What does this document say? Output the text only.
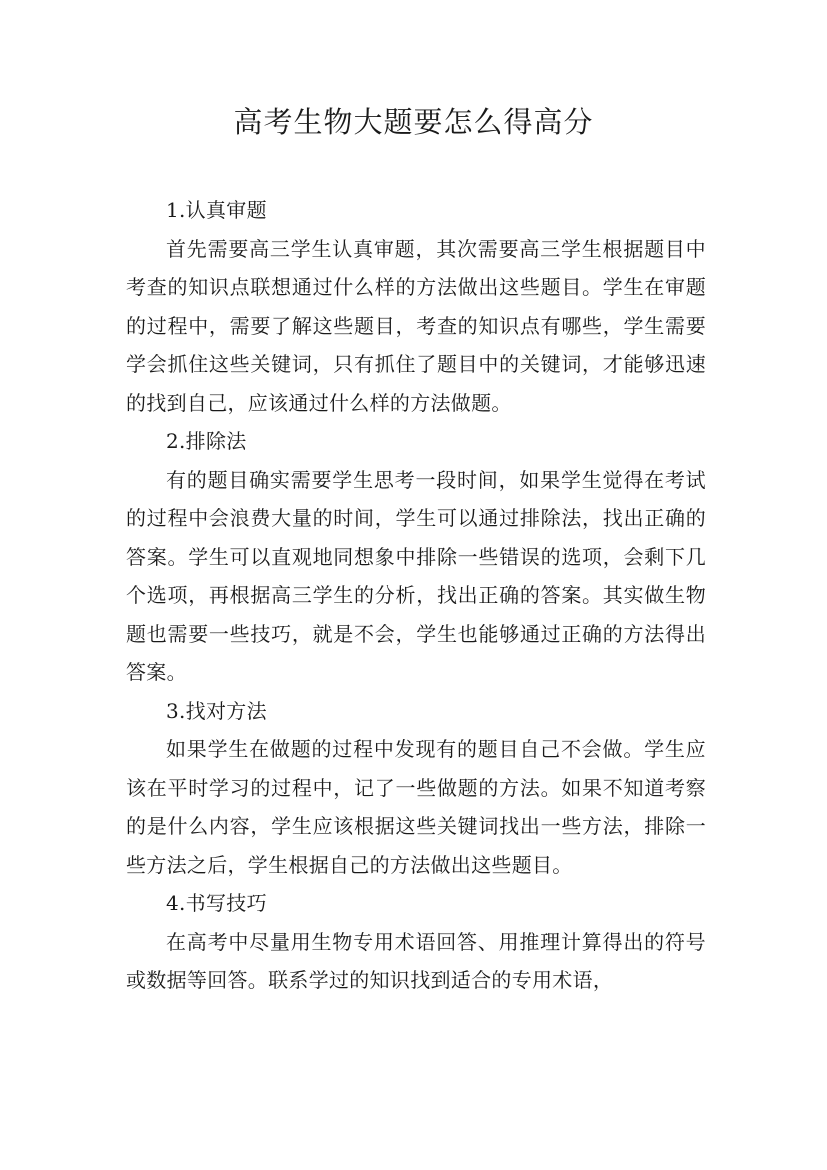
高考生物大题要怎么得高分

1.认真审题

首先需要高三学生认真审题，其次需要高三学生根据题目中考查的知识点联想通过什么样的方法做出这些题目。学生在审题的过程中，需要了解这些题目，考查的知识点有哪些，学生需要学会抓住这些关键词，只有抓住了题目中的关键词，才能够迅速的找到自己，应该通过什么样的方法做题。

2.排除法

有的题目确实需要学生思考一段时间，如果学生觉得在考试的过程中会浪费大量的时间，学生可以通过排除法，找出正确的答案。学生可以直观地同想象中排除一些错误的选项，会剩下几个选项，再根据高三学生的分析，找出正确的答案。其实做生物题也需要一些技巧，就是不会，学生也能够通过正确的方法得出答案。

3.找对方法

如果学生在做题的过程中发现有的题目自己不会做。学生应该在平时学习的过程中，记了一些做题的方法。如果不知道考察的是什么内容，学生应该根据这些关键词找出一些方法，排除一些方法之后，学生根据自己的方法做出这些题目。

4.书写技巧

在高考中尽量用生物专用术语回答、用推理计算得出的符号或数据等回答。联系学过的知识找到适合的专用术语，
